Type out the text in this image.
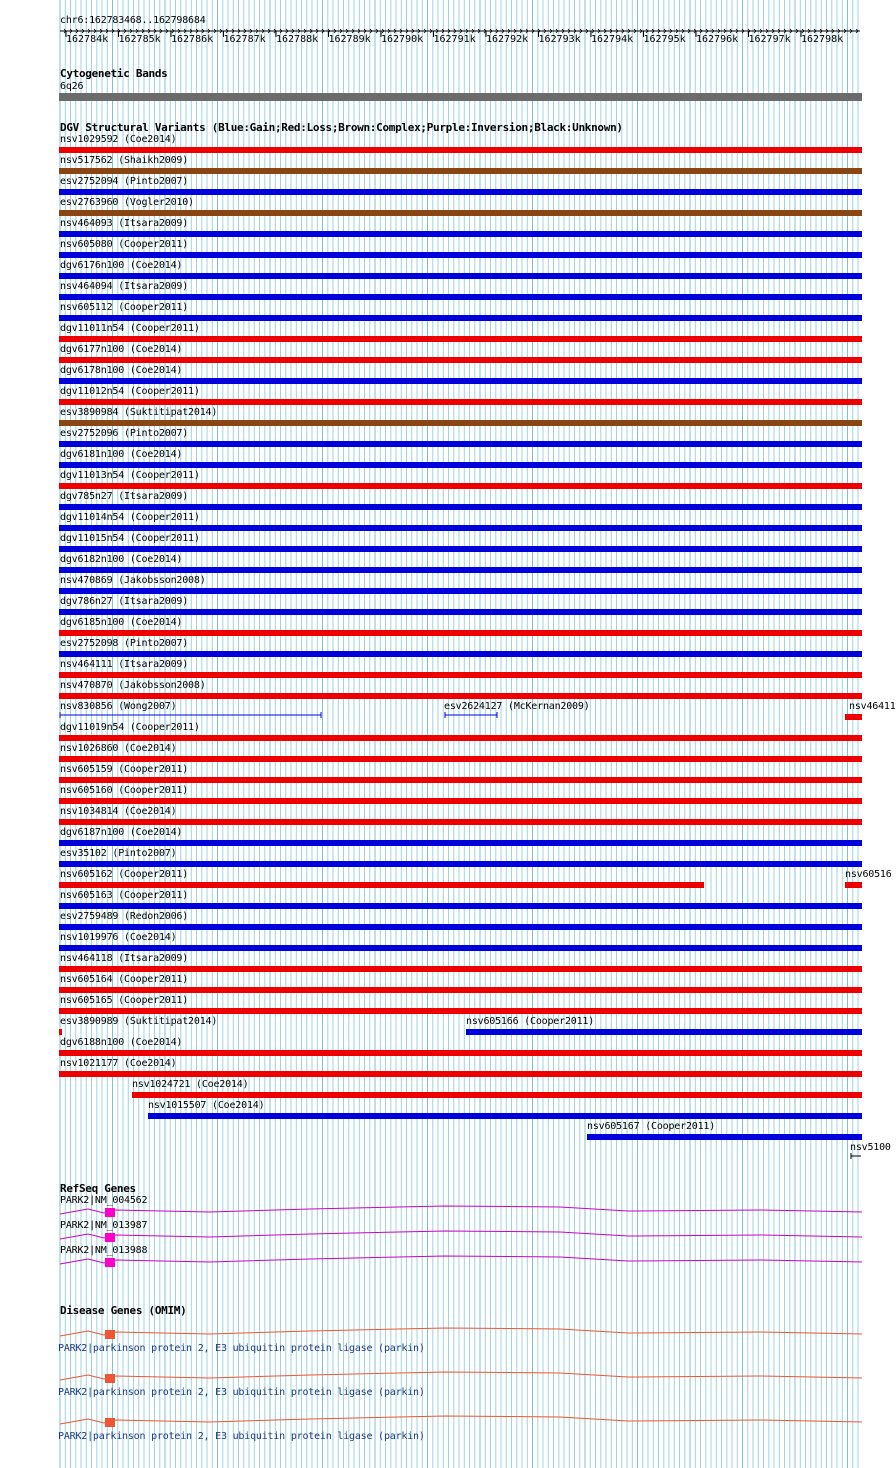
chr6:162783468..162798684
162784k 162785k 162786k 162787k 162788k 162789k 162790k 162791k 162792k 162793k 162794k 162795k 162796k 162797k 162798k
Cytogenetic Bands
6q26
DGV Structural Variants (Blue:Gain;Red:Loss;Brown:Complex;Purple:Inversion;Black:Unknown)
nsv1029592 (Coe2014)
nsv517562 (Shaikh2009)
esv2752094 (Pinto2007)
esv2763960 (Vogler2010)
nsv464093 (Itsara2009)
nsv605080 (Cooper2011)
dgv6176n100 (Coe2014)
nsv464094 (Itsara2009)
nsv605112 (Cooper2011)
dgv11011n54 (Cooper2011)
dgv6177n100 (Coe2014)
dgv6178n100 (Coe2014)
dgv11012n54 (Cooper2011)
esv3890984 (Suktitipat2014)
esv2752096 (Pinto2007)
dgv6181n100 (Coe2014)
dgv11013n54 (Cooper2011)
dgv785n27 (Itsara2009)
dgv11014n54 (Cooper2011)
dgv11015n54 (Cooper2011)
dgv6182n100 (Coe2014)
nsv470869 (Jakobsson2008)
dgv786n27 (Itsara2009)
dgv6185n100 (Coe2014)
esv2752098 (Pinto2007)
nsv464111 (Itsara2009)
nsv470870 (Jakobsson2008)
nsv830856 (Wong2007)	esv2624127 (McKernan2009)	nsv46411
dgv11019n54 (Cooper2011)
nsv1026860 (Coe2014)
nsv605159 (Cooper2011)
nsv605160 (Cooper2011)
nsv1034814 (Coe2014)
dgv6187n100 (Coe2014)
esv35102 (Pinto2007)
nsv605162 (Cooper2011)	nsv60516
nsv605163 (Cooper2011)
esv2759489 (Redon2006)
nsv1019976 (Coe2014)
nsv464118 (Itsara2009)
nsv605164 (Cooper2011)
nsv605165 (Cooper2011)
esv3890989 (Suktitipat2014)	nsv605166 (Cooper2011)
dgv6188n100 (Coe2014)
nsv1021177 (Coe2014)
nsv1024721 (Coe2014)
nsv1015507 (Coe2014)
nsv605167 (Cooper2011)
nsv5100
RefSeq Genes
PARK2|NM_004562
PARK2|NM_013987
PARK2|NM_013988
Disease Genes (OMIM)
PARK2|parkinson protein 2, E3 ubiquitin protein ligase (parkin)
PARK2|parkinson protein 2, E3 ubiquitin protein ligase (parkin)
PARK2|parkinson protein 2, E3 ubiquitin protein ligase (parkin)
